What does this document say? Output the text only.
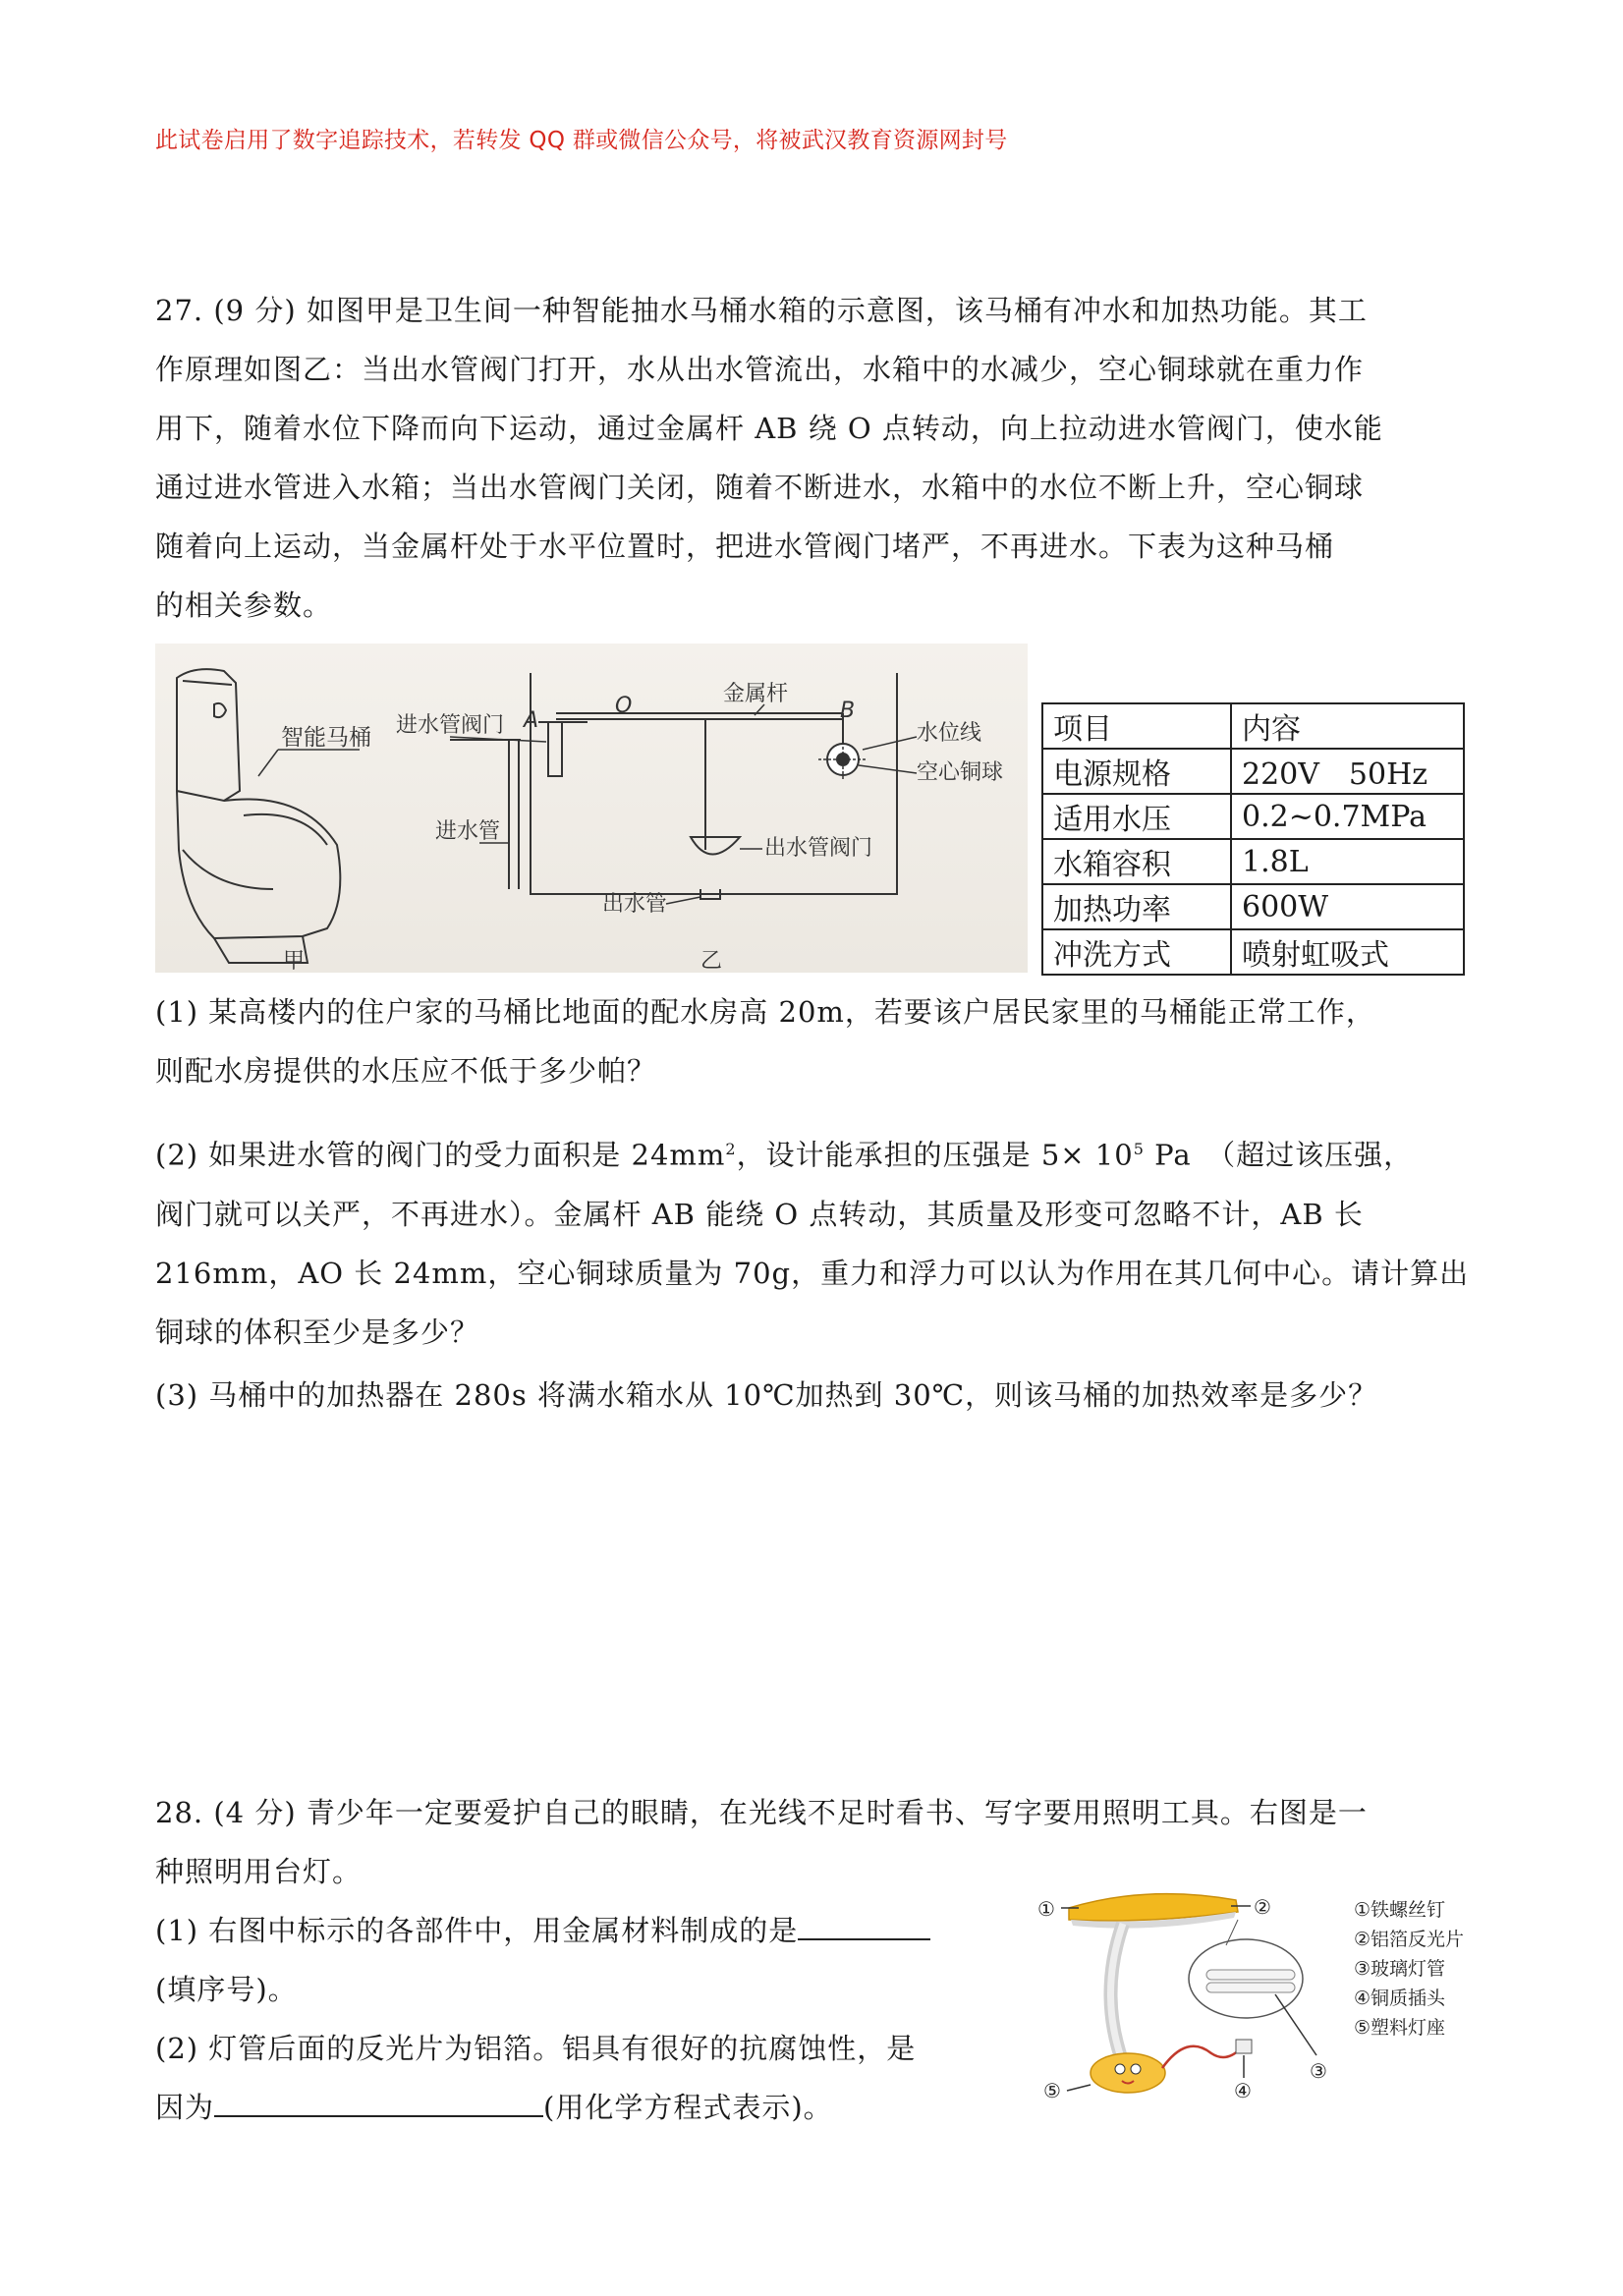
此试卷启用了数字追踪技术，若转发 QQ 群或微信公众号，将被武汉教育资源网封号
27. (9 分) 如图甲是卫生间一种智能抽水马桶水箱的示意图，该马桶有冲水和加热功能。其工
作原理如图乙：当出水管阀门打开，水从出水管流出，水箱中的水减少，空心铜球就在重力作
用下，随着水位下降而向下运动，通过金属杆 AB 绕 O 点转动，向上拉动进水管阀门，使水能
通过进水管进入水箱；当出水管阀门关闭，随着不断进水，水箱中的水位不断上升，空心铜球
随着向上运动，当金属杆处于水平位置时，把进水管阀门堵严，不再进水。下表为这种马桶
的相关参数。
智能马桶
甲
进水管阀门 A
O	金属杆
B
水位线
空心铜球
进水管
出水管阀门
出水管
乙
项目	内容
电源规格	220V　50Hz
适用水压	0.2~0.7MPa
水箱容积	1.8L
加热功率	600W
冲洗方式	喷射虹吸式
(1) 某高楼内的住户家的马桶比地面的配水房高 20m，若要该户居民家里的马桶能正常工作，
则配水房提供的水压应不低于多少帕？
(2) 如果进水管的阀门的受力面积是 $24mm^2$，设计能承担的压强是 $5\times 10^5$ Pa　（超过该压强，
阀门就可以关严，不再进水）。金属杆 AB 能绕 O 点转动，其质量及形变可忽略不计，AB 长
216mm，AO 长 24mm，空心铜球质量为 70g，重力和浮力可以认为作用在其几何中心。请计算出
铜球的体积至少是多少？
(3) 马桶中的加热器在 280s 将满水箱水从 10℃加热到 30℃，则该马桶的加热效率是多少？
28. (4 分) 青少年一定要爱护自己的眼睛，在光线不足时看书、写字要用照明工具。右图是一
种照明用台灯。
(1) 右图中标示的各部件中，用金属材料制成的是
(填序号)。
(2) 灯管后面的反光片为铝箔。铝具有很好的抗腐蚀性，是
因为	(用化学方程式表示)。
①	②
③
④
⑤
①铁螺丝钉
②铝箔反光片
③玻璃灯管
④铜质插头
⑤塑料灯座
